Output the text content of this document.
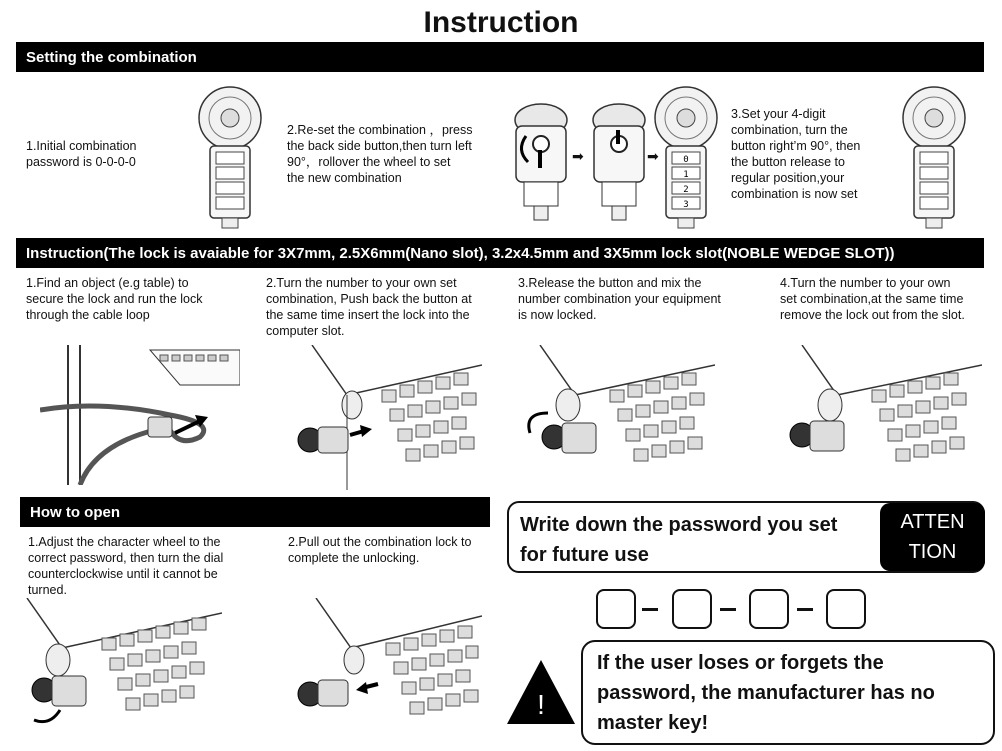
Instruction
Setting the combination
1.Initial combination
password is 0-0-0-0
2.Re-set the combination ，press
the back side button,then turn left
90°，rollover the wheel to set
the new combination
3.Set your 4-digit
combination, turn the
button right’m 90°, then
the button release to
regular position,your
combination is now set
➡	➡	0
1
2
3
Instruction(The lock is avaiable for 3X7mm, 2.5X6mm(Nano slot), 3.2x4.5mm and 3X5mm lock slot(NOBLE WEDGE SLOT))
1.Find an object (e.g table) to
secure the lock and run the lock
through the cable loop
2.Turn the number to your own set
combination, Push back the button at
the same time insert the lock into the
computer slot.
3.Release the button and mix the
number combination your equipment
is now locked.
4.Turn the number to your own
set combination,at the same time
remove the lock out from the slot.
How to open
1.Adjust the character wheel to the
correct password, then turn the dial
counterclockwise until it cannot be
turned.
2.Pull out the combination lock to
complete the unlocking.
Write down the password you set
for future use
ATTEN
TION
!
If the user loses or forgets the
password, the manufacturer has no
master key!
